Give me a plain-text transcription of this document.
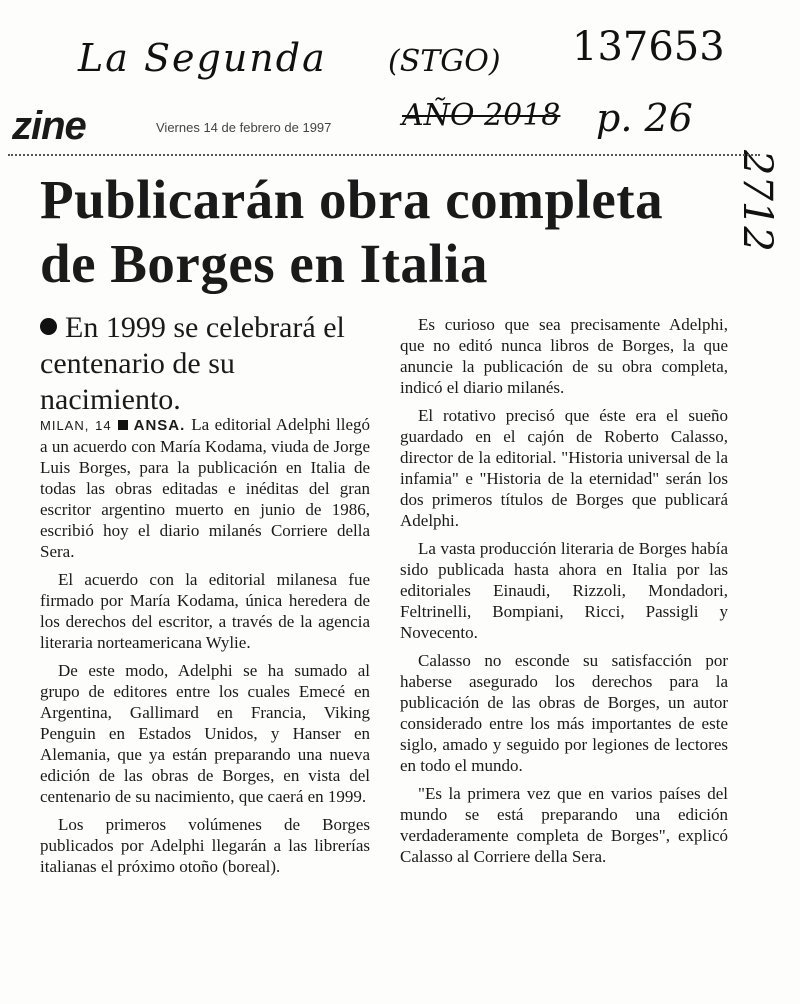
La Segunda (STGO) 137653
AÑO 2018 p. 26
2712
zine	Viernes 14 de febrero de 1997
Publicarán obra completa de Borges en Italia
En 1999 se celebrará el centenario de su nacimiento.

MILAN, 14 ANSA. La editorial Adelphi llegó a un acuerdo con María Kodama, viuda de Jorge Luis Borges, para la publicación en Italia de todas las obras editadas e inéditas del gran escritor argentino muerto en junio de 1986, escribió hoy el diario milanés Corriere della Sera.

El acuerdo con la editorial milanesa fue firmado por María Kodama, única heredera de los derechos del escritor, a través de la agencia literaria norteamericana Wylie.

De este modo, Adelphi se ha sumado al grupo de editores entre los cuales Emecé en Argentina, Gallimard en Francia, Viking Penguin en Estados Unidos, y Hanser en Alemania, que ya están preparando una nueva edición de las obras de Borges, en vista del centenario de su nacimiento, que caerá en 1999.

Los primeros volúmenes de Borges publicados por Adelphi llegarán a las librerías italianas el próximo otoño (boreal).

Es curioso que sea precisamente Adelphi, que no editó nunca libros de Borges, la que anuncie la publicación de su obra completa, indicó el diario milanés.

El rotativo precisó que éste era el sueño guardado en el cajón de Roberto Calasso, director de la editorial. "Historia universal de la infamia" e "Historia de la eternidad" serán los dos primeros títulos de Borges que publicará Adelphi.

La vasta producción literaria de Borges había sido publicada hasta ahora en Italia por las editoriales Einaudi, Rizzoli, Mondadori, Feltrinelli, Bompiani, Ricci, Passigli y Novecento.

Calasso no esconde su satisfacción por haberse asegurado los derechos para la publicación de las obras de Borges, un autor considerado entre los más importantes de este siglo, amado y seguido por legiones de lectores en todo el mundo.

"Es la primera vez que en varios países del mundo se está preparando una edición verdaderamente completa de Borges", explicó Calasso al Corriere della Sera.
